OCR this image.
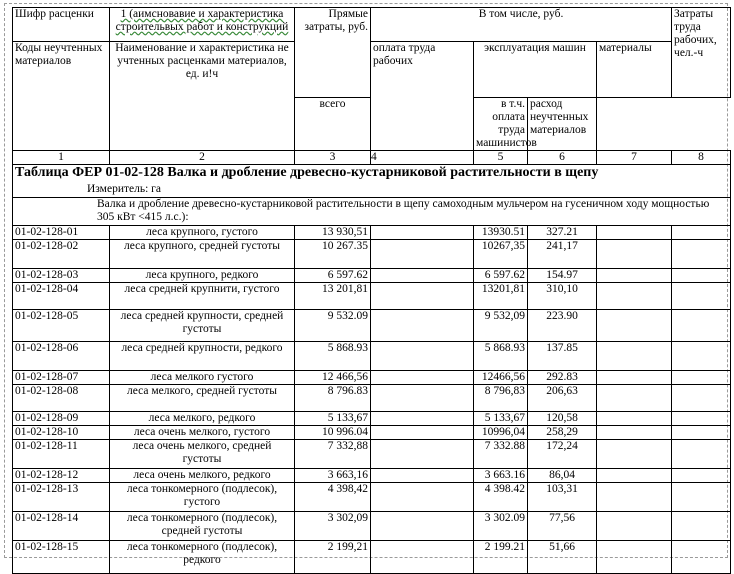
Шифр расценки	1 (аимсновавие и характеристика строительвых работ и конструкций	Прямые затраты, руб.	В том числе, руб.				Затраты труда рабочих, чел.-ч
Коды неучтенных материалов	Наименование и характеристика не учтенных расценками материалов, ед. и!ч		оплата труда рабочих	эксплуатация машин		материалы	
		всего		в т.ч. оплата труда машинистов	расход неучтенных материалов	
1	2	3	4	5	6	7	8
Таблица ФЕР 01-02-128 Валка и дробление древесно-кустарниковой растительности в щепу
Измеритель: га							

Валка и дробление древесно-кустарниковой растительности в щепу самоходным мульчером на гусеничном ходу мощностью 305 кВт <415 л.с.):							
01-02-128-01	леса крупного, густого	13 930,51		13930.51	327.21		
01-02-128-02	леса крупного, средней густоты	10 267.35		10267,35	241,17		
01-02-128-03	леса крупного, редкого	6 597.62		6 597.62	154.97		
01-02-128-04	леса средней крупнити, густого	13 201,81		13201,81	310,10		
01-02-128-05	леса средней крупности, средней густоты	9 532.09		9 532,09	223.90		
01-02-128-06	леса средней крупности, редкого	5 868.93		5 868.93	137.85		
01-02-128-07	леса мелкого густого	12 466,56		12466,56	292.83		
01-02-128-08	леса мелкого, средней густоты	8 796.83		8 796,83	206,63		
01-02-128-09	леса мелкого, редкого	5 133,67		5 133,67	120,58		
01-02-128-10	леса очень мелкого, густого	10 996.04		10996,04	258,29		
01-02-128-11	леса очень мелкого, средней густоты	7 332,88		7 332.88	172,24		
01-02-128-12	леса очень мелкого, редкого	3 663,16		3 663.16	86,04		
01-02-128-13	леса тонкомерного (подлесок), густого	4 398,42		4 398.42	103,31		
01-02-128-14	леса тонкомерного (подлесок), средней густоты	3 302,09		3 302.09	77,56		
01-02-128-15	леса тонкомерного (подлесок), редкого	2 199,21		2 199.21	51,66		
